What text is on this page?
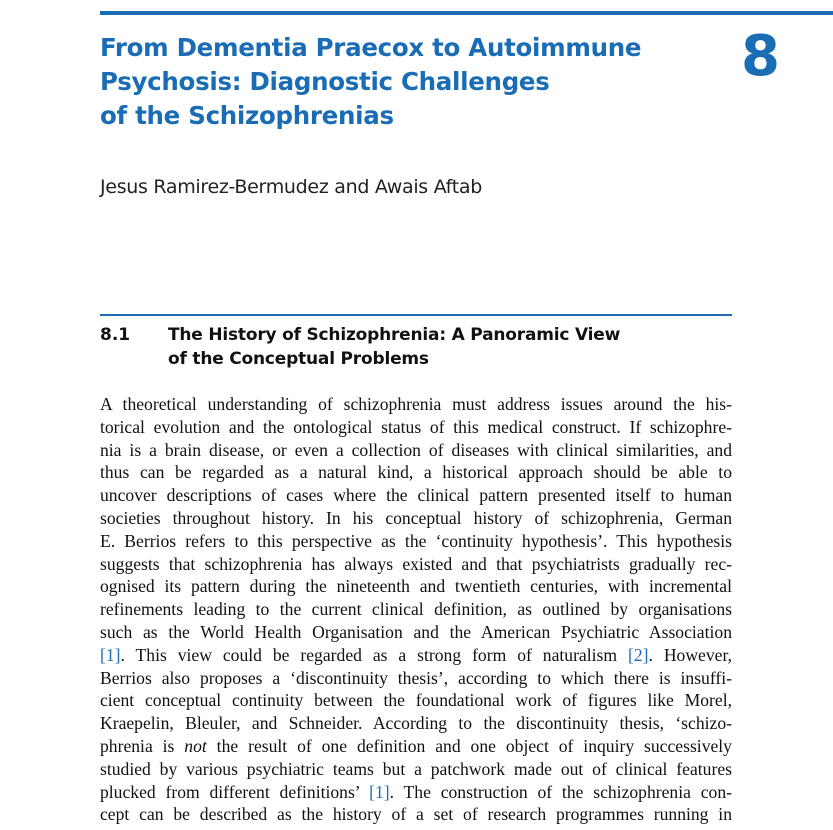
From Dementia Praecox to Autoimmune
Psychosis: Diagnostic Challenges
of the Schizophrenias
8
Jesus Ramirez-Bermudez and Awais Aftab
8.1 The History of Schizophrenia: A Panoramic View
of the Conceptual Problems
A theoretical understanding of schizophrenia must address issues around the his-
torical evolution and the ontological status of this medical construct. If schizophre-
nia is a brain disease, or even a collection of diseases with clinical similarities, and
thus can be regarded as a natural kind, a historical approach should be able to
uncover descriptions of cases where the clinical pattern presented itself to human
societies throughout history. In his conceptual history of schizophrenia, German
E. Berrios refers to this perspective as the ‘continuity hypothesis’. This hypothesis
suggests that schizophrenia has always existed and that psychiatrists gradually rec-
ognised its pattern during the nineteenth and twentieth centuries, with incremental
refinements leading to the current clinical definition, as outlined by organisations
such as the World Health Organisation and the American Psychiatric Association
[1]. This view could be regarded as a strong form of naturalism [2]. However,
Berrios also proposes a ‘discontinuity thesis’, according to which there is insuffi-
cient conceptual continuity between the foundational work of figures like Morel,
Kraepelin, Bleuler, and Schneider. According to the discontinuity thesis, ‘schizo-
phrenia is not the result of one definition and one object of inquiry successively
studied by various psychiatric teams but a patchwork made out of clinical features
plucked from different definitions’ [1]. The construction of the schizophrenia con-
cept can be described as the history of a set of research programmes running in
